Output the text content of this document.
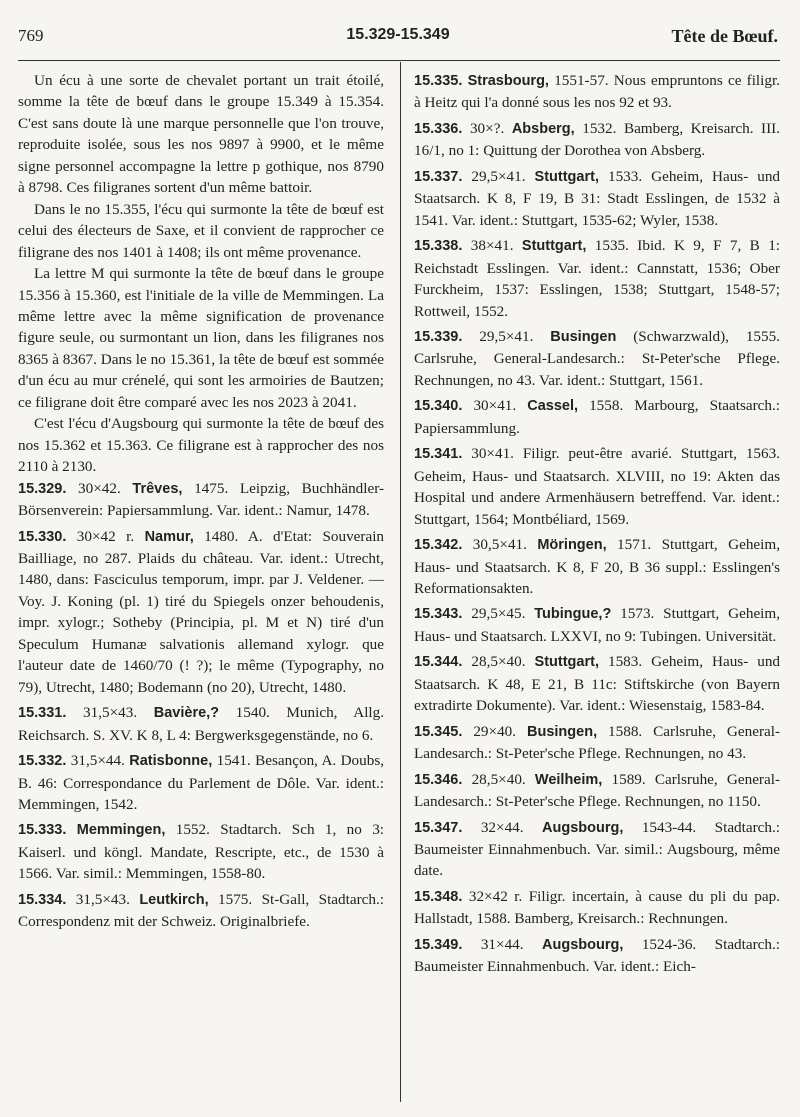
769	15.329-15.349	Tête de Bœuf.

Un écu à une sorte de chevalet portant un trait étoilé, somme la tête de bœuf dans le groupe 15.349 à 15.354. C'est sans doute là une marque personnelle que l'on trouve, reproduite isolée, sous les nos 9897 à 9900, et le même signe personnel accompagne la lettre p gothique, nos 8790 à 8798. Ces filigranes sortent d'un même battoir.

Dans le no 15.355, l'écu qui surmonte la tête de bœuf est celui des électeurs de Saxe, et il convient de rapprocher ce filigrane des nos 1401 à 1408; ils ont même provenance.

La lettre M qui surmonte la tête de bœuf dans le groupe 15.356 à 15.360, est l'initiale de la ville de Memmingen. La même lettre avec la même signification de provenance figure seule, ou surmontant un lion, dans les filigranes nos 8365 à 8367. Dans le no 15.361, la tête de bœuf est sommée d'un écu au mur crénelé, qui sont les armoiries de Bautzen; ce filigrane doit être comparé avec les nos 2023 à 2041.

C'est l'écu d'Augsbourg qui surmonte la tête de bœuf des nos 15.362 et 15.363. Ce filigrane est à rapprocher des nos 2110 à 2130.

15.329. 30×42. Trêves, 1475. Leipzig, Buchhändler-Börsenverein: Papiersammlung. Var. ident.: Namur, 1478.

15.330. 30×42 r. Namur, 1480. A. d'Etat: Souverain Bailliage, no 287. Plaids du château. Var. ident.: Utrecht, 1480, dans: Fasciculus temporum, impr. par J. Veldener. — Voy. J. Koning (pl. 1) tiré du Spiegels onzer behoudenis, impr. xylogr.; Sotheby (Principia, pl. M et N) tiré d'un Speculum Humanæ salvationis allemand xylogr. que l'auteur date de 1460/70 (! ?); le même (Typography, no 79), Utrecht, 1480; Bodemann (no 20), Utrecht, 1480.

15.331. 31,5×43. Bavière,? 1540. Munich, Allg. Reichsarch. S. XV. K 8, L 4: Bergwerksgegenstände, no 6.

15.332. 31,5×44. Ratisbonne, 1541. Besançon, A. Doubs, B. 46: Correspondance du Parlement de Dôle. Var. ident.: Memmingen, 1542.

15.333. Memmingen, 1552. Stadtarch. Sch 1, no 3: Kaiserl. und köngl. Mandate, Rescripte, etc., de 1530 à 1566. Var. simil.: Memmingen, 1558-80.

15.334. 31,5×43. Leutkirch, 1575. St-Gall, Stadtarch.: Correspondenz mit der Schweiz. Originalbriefe.

15.335. Strasbourg, 1551-57. Nous empruntons ce filigr. à Heitz qui l'a donné sous les nos 92 et 93.

15.336. 30×?. Absberg, 1532. Bamberg, Kreisarch. III. 16/1, no 1: Quittung der Dorothea von Absberg.

15.337. 29,5×41. Stuttgart, 1533. Geheim, Haus- und Staatsarch. K 8, F 19, B 31: Stadt Esslingen, de 1532 à 1541. Var. ident.: Stuttgart, 1535-62; Wyler, 1538.

15.338. 38×41. Stuttgart, 1535. Ibid. K 9, F 7, B 1: Reichstadt Esslingen. Var. ident.: Cannstatt, 1536; Ober Furckheim, 1537: Esslingen, 1538; Stuttgart, 1548-57; Rottweil, 1552.

15.339. 29,5×41. Busingen (Schwarzwald), 1555. Carlsruhe, General-Landesarch.: St-Peter'sche Pflege. Rechnungen, no 43. Var. ident.: Stuttgart, 1561.

15.340. 30×41. Cassel, 1558. Marbourg, Staatsarch.: Papiersammlung.

15.341. 30×41. Filigr. peut-être avarié. Stuttgart, 1563. Geheim, Haus- und Staatsarch. XLVIII, no 19: Akten das Hospital und andere Armenhäusern betreffend. Var. ident.: Stuttgart, 1564; Montbéliard, 1569.

15.342. 30,5×41. Möringen, 1571. Stuttgart, Geheim, Haus- und Staatsarch. K 8, F 20, B 36 suppl.: Esslingen's Reformationsakten.

15.343. 29,5×45. Tubingue,? 1573. Stuttgart, Geheim, Haus- und Staatsarch. LXXVI, no 9: Tubingen. Universität.

15.344. 28,5×40. Stuttgart, 1583. Geheim, Haus- und Staatsarch. K 48, E 21, B 11c: Stiftskirche (von Bayern extradirte Dokumente). Var. ident.: Wiesenstaig, 1583-84.

15.345. 29×40. Busingen, 1588. Carlsruhe, General-Landesarch.: St-Peter'sche Pflege. Rechnungen, no 43.

15.346. 28,5×40. Weilheim, 1589. Carlsruhe, General-Landesarch.: St-Peter'sche Pflege. Rechnungen, no 1150.

15.347. 32×44. Augsbourg, 1543-44. Stadtarch.: Baumeister Einnahmenbuch. Var. simil.: Augsbourg, même date.

15.348. 32×42 r. Filigr. incertain, à cause du pli du pap. Hallstadt, 1588. Bamberg, Kreisarch.: Rechnungen.

15.349. 31×44. Augsbourg, 1524-36. Stadtarch.: Baumeister Einnahmenbuch. Var. ident.: Eich-
